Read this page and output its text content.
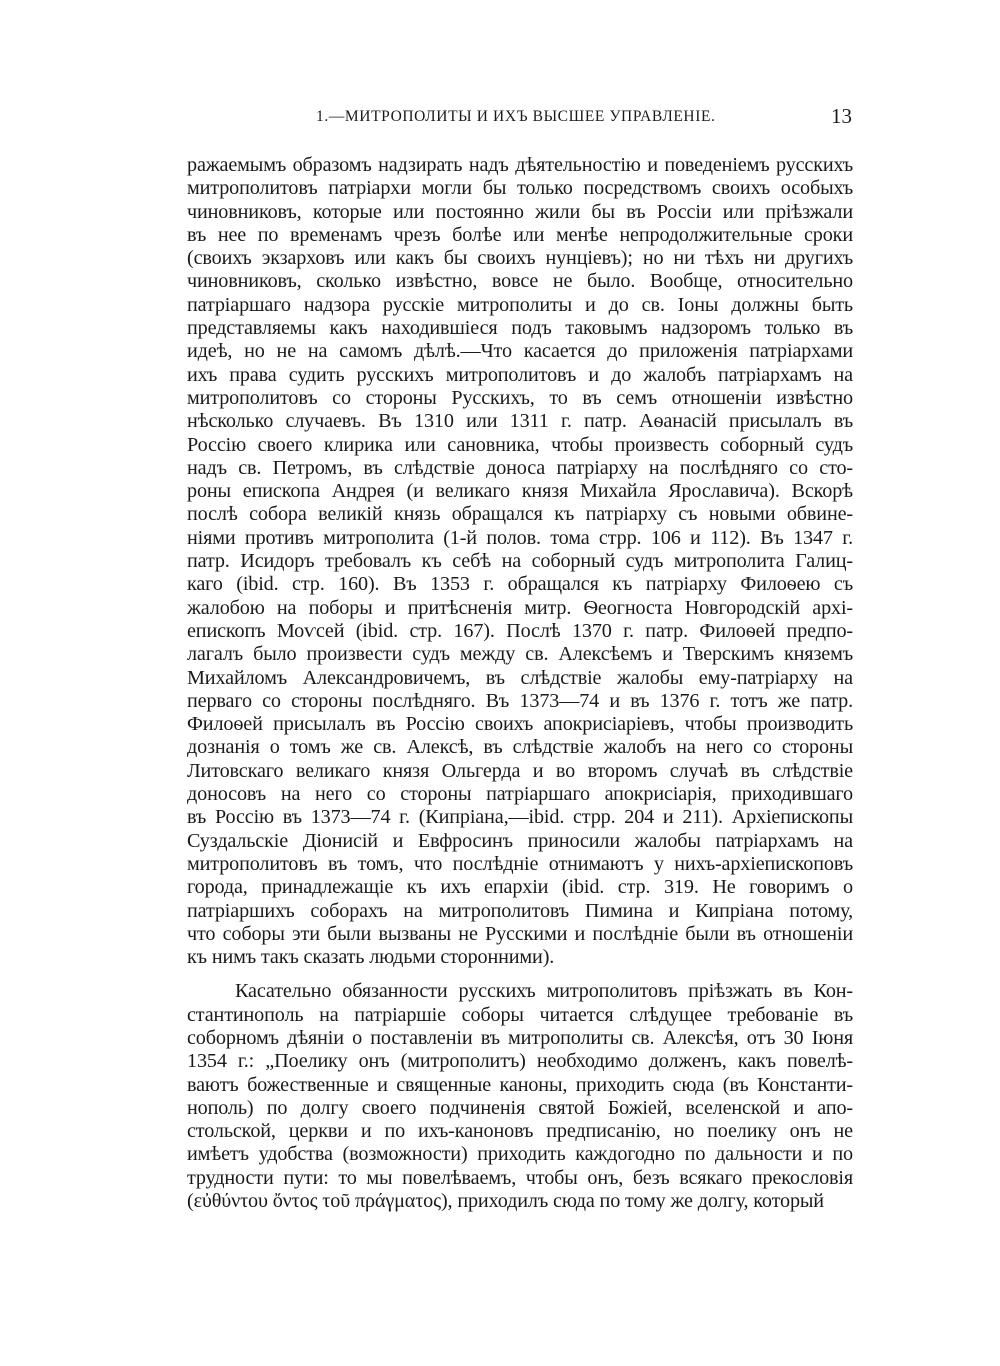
1.—МИТРОПОЛИТЫ И ИХЪ ВЫСШЕЕ УПРАВЛЕНІЕ.	13
ражаемымъ образомъ надзирать надъ дѣятельностію и поведеніемъ русскихъ
митрополитовъ патріархи могли бы только посредствомъ своихъ особыхъ
чиновниковъ, которые или постоянно жили бы въ Россіи или пріѣзжали
въ нее по временамъ чрезъ болѣе или менѣе непродолжительные сроки
(своихъ экзарховъ или какъ бы своихъ нунціевъ); но ни тѣхъ ни другихъ
чиновниковъ, сколько извѣстно, вовсе не было. Вообще, относительно
патріаршаго надзора русскіе митрополиты и до св. Іоны должны быть
представляемы какъ находившіеся подъ таковымъ надзоромъ только въ
идеѣ, но не на самомъ дѣлѣ.—Что касается до приложенія патріархами
ихъ права судить русскихъ митрополитовъ и до жалобъ патріархамъ на
митрополитовъ со стороны Русскихъ, то въ семъ отношеніи извѣстно
нѣсколько случаевъ. Въ 1310 или 1311 г. патр. Аѳанасій присылалъ въ
Россію своего клирика или сановника, чтобы произвесть соборный судъ
надъ св. Петромъ, въ слѣдствіе доноса патріарху на послѣдняго со сто-
роны епископа Андрея (и великаго князя Михайла Ярославича). Вскорѣ
послѣ собора великій князь обращался къ патріарху съ новыми обвине-
ніями противъ митрополита (1-й полов. тома стрр. 106 и 112). Въ 1347 г.
патр. Исидоръ требовалъ къ себѣ на соборный судъ митрополита Галиц-
каго (ibid. стр. 160). Въ 1353 г. обращался къ патріарху Филоѳею съ
жалобою на поборы и притѣсненія митр. Ѳеогноста Новгородскій архі-
епископъ Моѵсей (ibid. стр. 167). Послѣ 1370 г. патр. Филоѳей предпо-
лагалъ было произвести судъ между св. Алексѣемъ и Тверскимъ княземъ
Михайломъ Александровичемъ, въ слѣдствіе жалобы ему-патріарху на
перваго со стороны послѣдняго. Въ 1373—74 и въ 1376 г. тотъ же патр.
Филоѳей присылалъ въ Россію своихъ апокрисіаріевъ, чтобы производить
дознанія о томъ же св. Алексѣ, въ слѣдствіе жалобъ на него со стороны
Литовскаго великаго князя Ольгерда и во второмъ случаѣ въ слѣдствіе
доносовъ на него со стороны патріаршаго апокрисіарія, приходившаго
въ Россію въ 1373—74 г. (Кипріана,—ibid. стрр. 204 и 211). Архіепископы
Суздальскіе Діонисій и Евфросинъ приносили жалобы патріархамъ на
митрополитовъ въ томъ, что послѣдніе отнимаютъ у нихъ-архіепископовъ
города, принадлежащіе къ ихъ епархіи (ibid. стр. 319. Не говоримъ о
патріаршихъ соборахъ на митрополитовъ Пимина и Кипріана потому,
что соборы эти были вызваны не Русскими и послѣдніе были въ отношеніи
къ нимъ такъ сказать людьми сторонними).
Касательно обязанности русскихъ митрополитовъ пріѣзжать въ Кон-
стантинополь на патріаршіе соборы читается слѣдущее требованіе въ
соборномъ дѣяніи о поставленіи въ митрополиты св. Алексѣя, отъ 30 Іюня
1354 г.: „Поелику онъ (митрополитъ) необходимо долженъ, какъ повелѣ-
ваютъ божественные и священные каноны, приходить сюда (въ Константи-
нополь) по долгу своего подчиненія святой Божіей, вселенской и апо-
стольской, церкви и по ихъ-каноновъ предписанію, но поелику онъ не
имѣетъ удобства (возможности) приходить каждогодно по дальности и по
трудности пути: то мы повелѣваемъ, чтобы онъ, безъ всякаго прекословія
(εὐθύντου ὄντος τοῦ πράγματος), приходилъ сюда по тому же долгу, который
